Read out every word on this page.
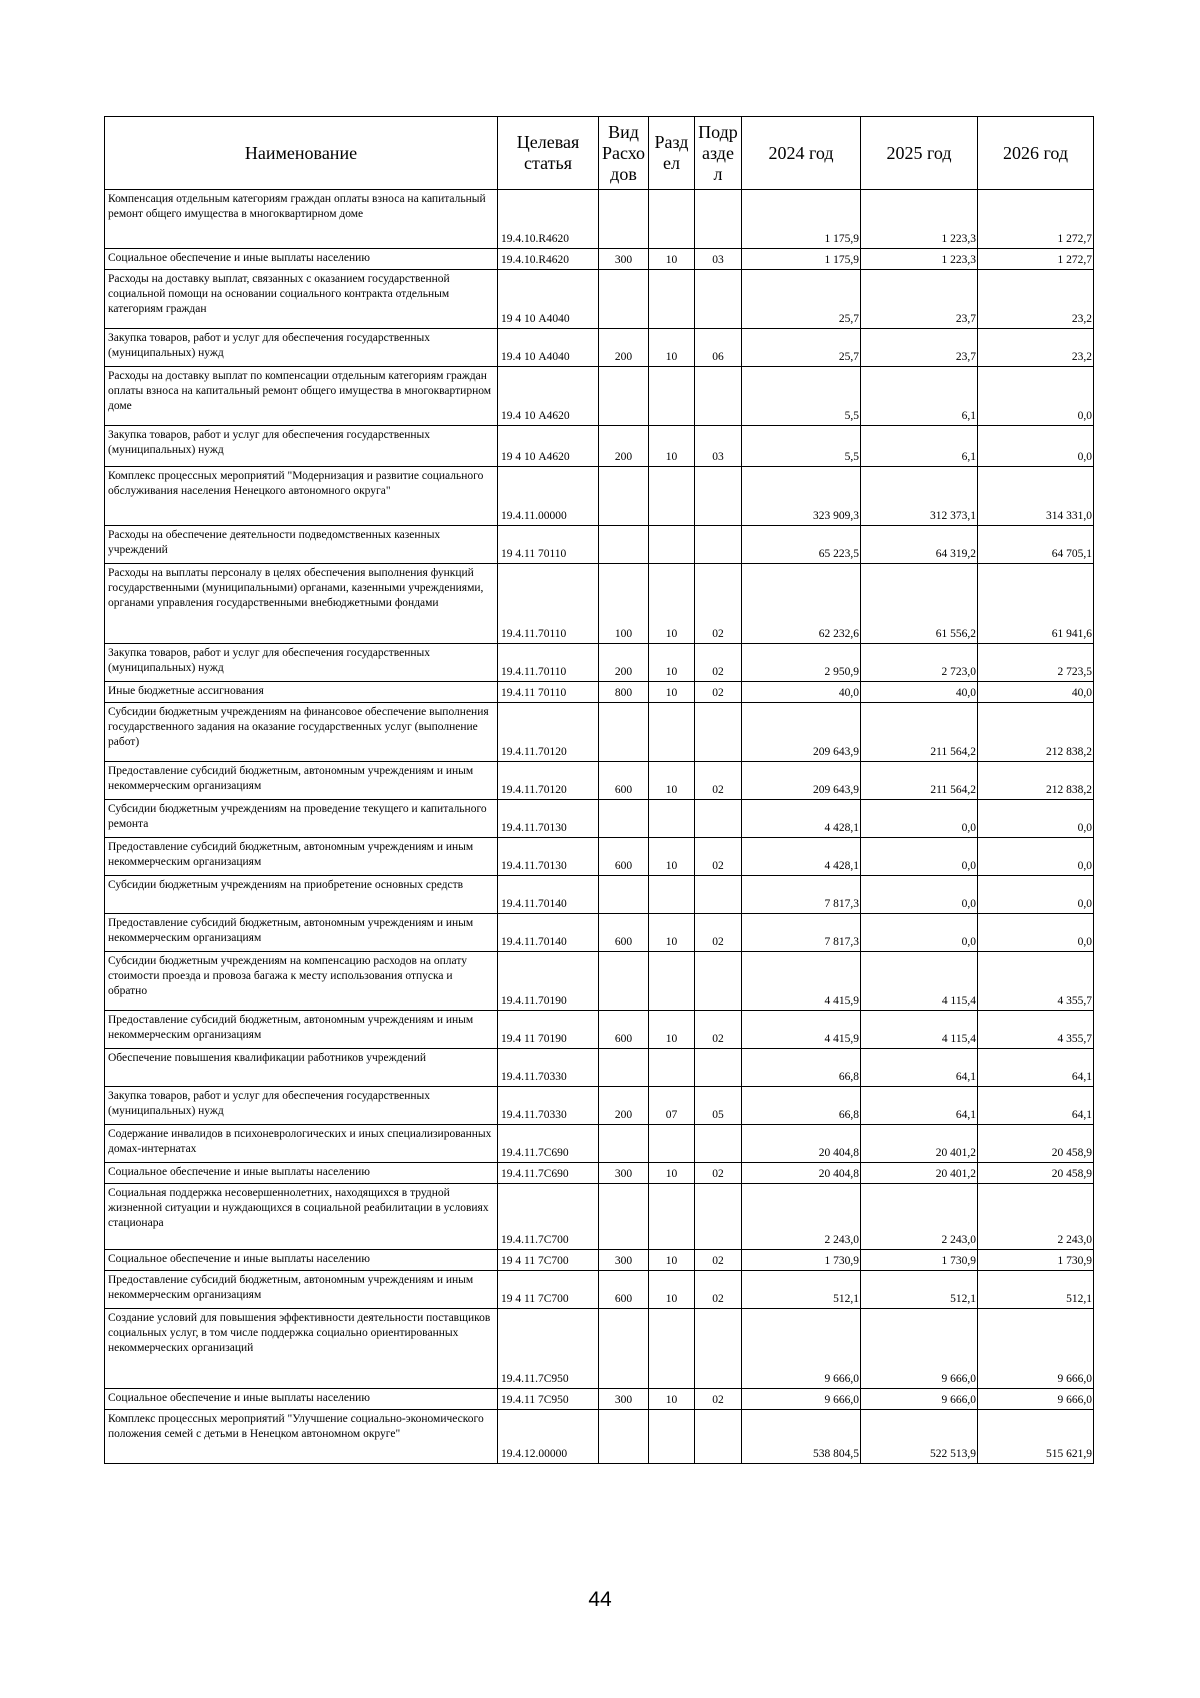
Наименование	Целевая статья	Вид Расхо дов	Разд ел	Подр азде л	2024 год	2025 год	2026 год
Компенсация отдельным категориям граждан оплаты взноса на капитальный ремонт общего имущества в многоквартирном доме	19.4.10.R4620				1 175,9	1 223,3	1 272,7
Социальное обеспечение и иные выплаты населению	19.4.10.R4620	300	10	03	1 175,9	1 223,3	1 272,7
Расходы на доставку выплат, связанных с оказанием государственной социальной помощи на основании социального контракта отдельным категориям граждан	19 4 10 А4040				25,7	23,7	23,2
Закупка товаров, работ и услуг для обеспечения государственных (муниципальных) нужд	19.4 10 А4040	200	10	06	25,7	23,7	23,2
Расходы на доставку выплат по компенсации отдельным категориям граждан оплаты взноса на капитальный ремонт общего имущества в многоквартирном доме	19.4 10 А4620				5,5	6,1	0,0
Закупка товаров, работ и услуг для обеспечения государственных (муниципальных) нужд	19 4 10 А4620	200	10	03	5,5	6,1	0,0
Комплекс процессных мероприятий "Модернизация и развитие социального обслуживания населения Ненецкого автономного округа"	19.4.11.00000				323 909,3	312 373,1	314 331,0
Расходы на обеспечение деятельности подведомственных казенных учреждений	19 4.11 70110				65 223,5	64 319,2	64 705,1
Расходы на выплаты персоналу в целях обеспечения выполнения функций государственными (муниципальными) органами, казенными учреждениями, органами управления государственными внебюджетными фондами	19.4.11.70110	100	10	02	62 232,6	61 556,2	61 941,6
Закупка товаров, работ и услуг для обеспечения государственных (муниципальных) нужд	19.4.11.70110	200	10	02	2 950,9	2 723,0	2 723,5
Иные бюджетные ассигнования	19.4.11 70110	800	10	02	40,0	40,0	40,0
Субсидии бюджетным учреждениям на финансовое обеспечение выполнения государственного задания на оказание государственных услуг (выполнение работ)	19.4.11.70120				209 643,9	211 564,2	212 838,2
Предоставление субсидий бюджетным, автономным учреждениям и иным некоммерческим организациям	19.4.11.70120	600	10	02	209 643,9	211 564,2	212 838,2
Субсидии бюджетным учреждениям на проведение текущего и капитального ремонта	19.4.11.70130				4 428,1	0,0	0,0
Предоставление субсидий бюджетным, автономным учреждениям и иным некоммерческим организациям	19.4.11.70130	600	10	02	4 428,1	0,0	0,0
Субсидии бюджетным учреждениям на приобретение основных средств	19.4.11.70140				7 817,3	0,0	0,0
Предоставление субсидий бюджетным, автономным учреждениям и иным некоммерческим организациям	19.4.11.70140	600	10	02	7 817,3	0,0	0,0
Субсидии бюджетным учреждениям на компенсацию расходов на оплату стоимости проезда и провоза багажа к месту использования отпуска и обратно	19.4.11.70190				4 415,9	4 115,4	4 355,7
Предоставление субсидий бюджетным, автономным учреждениям и иным некоммерческим организациям	19.4 11 70190	600	10	02	4 415,9	4 115,4	4 355,7
Обеспечение повышения квалификации работников учреждений	19.4.11.70330				66,8	64,1	64,1
Закупка товаров, работ и услуг для обеспечения государственных (муниципальных) нужд	19.4.11.70330	200	07	05	66,8	64,1	64,1
Содержание инвалидов в психоневрологических и иных специализированных домах-интернатах	19.4.11.7С690				20 404,8	20 401,2	20 458,9
Социальное обеспечение и иные выплаты населению	19.4.11.7С690	300	10	02	20 404,8	20 401,2	20 458,9
Социальная поддержка несовершеннолетних, находящихся в трудной жизненной ситуации и нуждающихся в социальной реабилитации в условиях стационара	19.4.11.7С700				2 243,0	2 243,0	2 243,0
Социальное обеспечение и иные выплаты населению	19 4 11 7С700	300	10	02	1 730,9	1 730,9	1 730,9
Предоставление субсидий бюджетным, автономным учреждениям и иным некоммерческим организациям	19 4 11 7С700	600	10	02	512,1	512,1	512,1
Создание условий для повышения эффективности деятельности поставщиков социальных услуг, в том числе поддержка социально ориентированных некоммерческих организаций	19.4.11.7С950				9 666,0	9 666,0	9 666,0
Социальное обеспечение и иные выплаты населению	19.4.11 7С950	300	10	02	9 666,0	9 666,0	9 666,0
Комплекс процессных мероприятий "Улучшение социально-экономического положения семей с детьми в Ненецком автономном округе"	19.4.12.00000				538 804,5	522 513,9	515 621,9
44
